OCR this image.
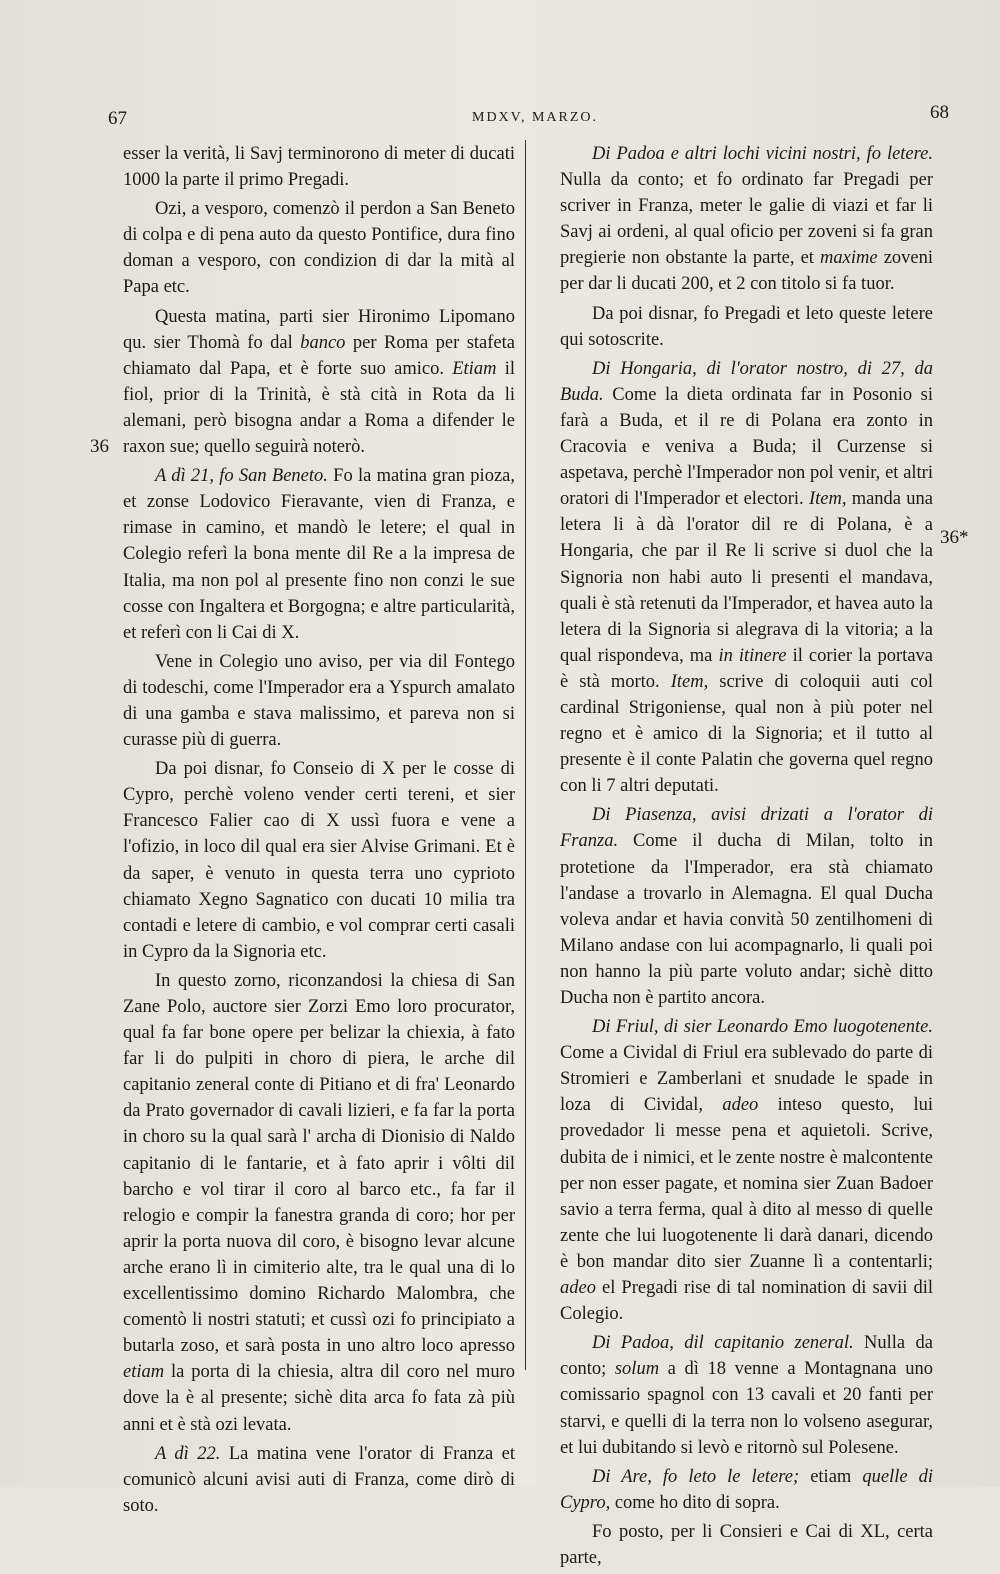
67	MDXV, MARZO.	68
36
36*

esser la verità, li Savj terminorono di meter di ducati 1000 la parte il primo Pregadi.

Ozi, a vesporo, comenzò il perdon a San Beneto di colpa e di pena auto da questo Pontifice, dura fino doman a vesporo, con condizion di dar la mità al Papa etc.

Questa matina, parti sier Hironimo Lipomano qu. sier Thomà fo dal banco per Roma per stafeta chiamato dal Papa, et è forte suo amico. Etiam il fiol, prior di la Trinità, è stà cità in Rota da li alemani, però bisogna andar a Roma a difender le raxon sue; quello seguirà noterò.

A dì 21, fo San Beneto. Fo la matina gran pioza, et zonse Lodovico Fieravante, vien di Franza, e rimase in camino, et mandò le letere; el qual in Colegio referì la bona mente dil Re a la impresa de Italia, ma non pol al presente fino non conzi le sue cosse con Ingaltera et Borgogna; e altre particularità, et referì con li Cai di X.

Vene in Colegio uno aviso, per via dil Fontego di todeschi, come l'Imperador era a Yspurch amalato di una gamba e stava malissimo, et pareva non si curasse più di guerra.

Da poi disnar, fo Conseio di X per le cosse di Cypro, perchè voleno vender certi tereni, et sier Francesco Falier cao di X ussì fuora e vene a l'ofizio, in loco dil qual era sier Alvise Grimani. Et è da saper, è venuto in questa terra uno cyprioto chiamato Xegno Sagnatico con ducati 10 milia tra contadi e letere di cambio, e vol comprar certi casali in Cypro da la Signoria etc.

In questo zorno, riconzandosi la chiesa di San Zane Polo, auctore sier Zorzi Emo loro procurator, qual fa far bone opere per belizar la chiexia, à fato far li do pulpiti in choro di piera, le arche dil capitanio zeneral conte di Pitiano et di fra' Leonardo da Prato governador di cavali lizieri, e fa far la porta in choro su la qual sarà l' archa di Dionisio di Naldo capitanio di le fantarie, et à fato aprir i vôlti dil barcho e vol tirar il coro al barco etc., fa far il relogio e compir la fanestra granda di coro; hor per aprir la porta nuova dil coro, è bisogno levar alcune arche erano lì in cimiterio alte, tra le qual una di lo excellentissimo domino Richardo Malombra, che comentò li nostri statuti; et cussì ozi fo principiato a butarla zoso, et sarà posta in uno altro loco apresso etiam la porta di la chiesia, altra dil coro nel muro dove la è al presente; sichè dita arca fo fata zà più anni et è stà ozi levata.

A dì 22. La matina vene l'orator di Franza et comunicò alcuni avisi auti di Franza, come dirò di soto.

Di Padoa e altri lochi vicini nostri, fo letere. Nulla da conto; et fo ordinato far Pregadi per scriver in Franza, meter le galie di viazi et far li Savj ai ordeni, al qual oficio per zoveni si fa gran pregierie non obstante la parte, et maxime zoveni per dar li ducati 200, et 2 con titolo si fa tuor.

Da poi disnar, fo Pregadi et leto queste letere qui sotoscrite.

Di Hongaria, di l'orator nostro, di 27, da Buda. Come la dieta ordinata far in Posonio si farà a Buda, et il re di Polana era zonto in Cracovia e veniva a Buda; il Curzense si aspetava, perchè l'Imperador non pol venir, et altri oratori di l'Imperador et electori. Item, manda una letera li à dà l'orator dil re di Polana, è a Hongaria, che par il Re li scrive si duol che la Signoria non habi auto li presenti el mandava, quali è stà retenuti da l'Imperador, et havea auto la letera di la Signoria si alegrava di la vitoria; a la qual rispondeva, ma in itinere il corier la portava è stà morto. Item, scrive di coloquii auti col cardinal Strigoniense, qual non à più poter nel regno et è amico di la Signoria; et il tutto al presente è il conte Palatin che governa quel regno con li 7 altri deputati.

Di Piasenza, avisi drizati a l'orator di Franza. Come il ducha di Milan, tolto in protetione da l'Imperador, era stà chiamato l'andase a trovarlo in Alemagna. El qual Ducha voleva andar et havia convità 50 zentilhomeni di Milano andase con lui acompagnarlo, li quali poi non hanno la più parte voluto andar; sichè ditto Ducha non è partito ancora.

Di Friul, di sier Leonardo Emo luogotenente. Come a Cividal di Friul era sublevado do parte di Stromieri e Zamberlani et snudade le spade in loza di Cividal, adeo inteso questo, lui provedador li messe pena et aquietoli. Scrive, dubita de i nimici, et le zente nostre è malcontente per non esser pagate, et nomina sier Zuan Badoer savio a terra ferma, qual à dito al messo di quelle zente che lui luogotenente li darà danari, dicendo è bon mandar dito sier Zuanne lì a contentarli; adeo el Pregadi rise di tal nomination di savii dil Colegio.

Di Padoa, dil capitanio zeneral. Nulla da conto; solum a dì 18 venne a Montagnana uno comissario spagnol con 13 cavali et 20 fanti per starvi, e quelli di la terra non lo volseno asegurar, et lui dubitando si levò e ritornò sul Polesene.

Di Are, fo leto le letere; etiam quelle di Cypro, come ho dito di sopra.

Fo posto, per li Consieri e Cai di XL, certa parte,
